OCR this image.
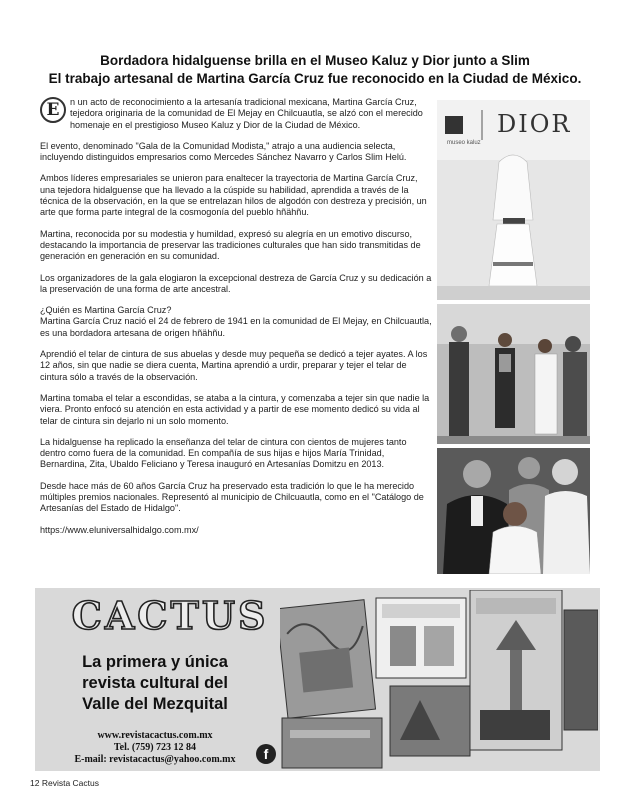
Bordadora hidalguense brilla en el Museo Kaluz y Dior junto a Slim
El trabajo artesanal de Martina García Cruz fue reconocido en la Ciudad de México.

E	n un acto de reconocimiento a la artesanía tradicional mexicana, Martina García Cruz, tejedora originaria de la comunidad de El Mejay en Chilcuautla, se alzó con el merecido homenaje en el prestigioso Museo Kaluz y Dior de la Ciudad de México.

El evento, denominado "Gala de la Comunidad Modista," atrajo a una audiencia selecta, incluyendo distinguidos empresarios como Mercedes Sánchez Navarro y Carlos Slim Helú.

Ambos líderes empresariales se unieron para enaltecer la trayectoria de Martina García Cruz, una tejedora hidalguense que ha llevado a la cúspide su habilidad, aprendida a través de la técnica de la observación, en la que se entrelazan hilos de algodón con destreza y precisión, un arte que forma parte integral de la cosmogonía del pueblo hñähñu.

Martina, reconocida por su modestia y humildad, expresó su alegría en un emotivo discurso, destacando la importancia de preservar las tradiciones culturales que han sido transmitidas de generación en generación en su comunidad.

Los organizadores de la gala elogiaron la excepcional destreza de García Cruz y su dedicación a la preservación de una forma de arte ancestral.

¿Quién es Martina García Cruz?
Martina García Cruz nació el 24 de febrero de 1941 en la comunidad de El Mejay, en Chilcuautla, es una bordadora artesana de origen hñähñu.

Aprendió el telar de cintura de sus abuelas y desde muy pequeña se dedicó a tejer ayates. A los 12 años, sin que nadie se diera cuenta, Martina aprendió a urdir, preparar y tejer el telar de cintura sólo a través de la observación.

Martina tomaba el telar a escondidas, se ataba a la cintura, y comenzaba a tejer sin que nadie la viera. Pronto enfocó su atención en esta actividad y a partir de ese momento dedicó su vida al telar de cintura sin dejarlo ni un solo momento.

La hidalguense ha replicado la enseñanza del telar de cintura con cientos de mujeres tanto dentro como fuera de la comunidad. En compañía de sus hijas e hijos María Trinidad, Bernardina, Zita, Ubaldo Feliciano y Teresa inauguró en Artesanías Domitzu en 2013.

Desde hace más de 60 años García Cruz ha preservado esta tradición lo que le ha merecido múltiples premios nacionales. Representó al municipio de Chilcuautla, como en el "Catálogo de Artesanías del Estado de Hidalgo".

https://www.eluniversalhidalgo.com.mx/
DIOR
museo kaluz
CACTUS
La primera y única
revista cultural del
Valle del Mezquital
www.revistacactus.com.mx
Tel. (759) 723 12 84
E-mail: revistacactus@yahoo.com.mx	f
12 Revista Cactus
